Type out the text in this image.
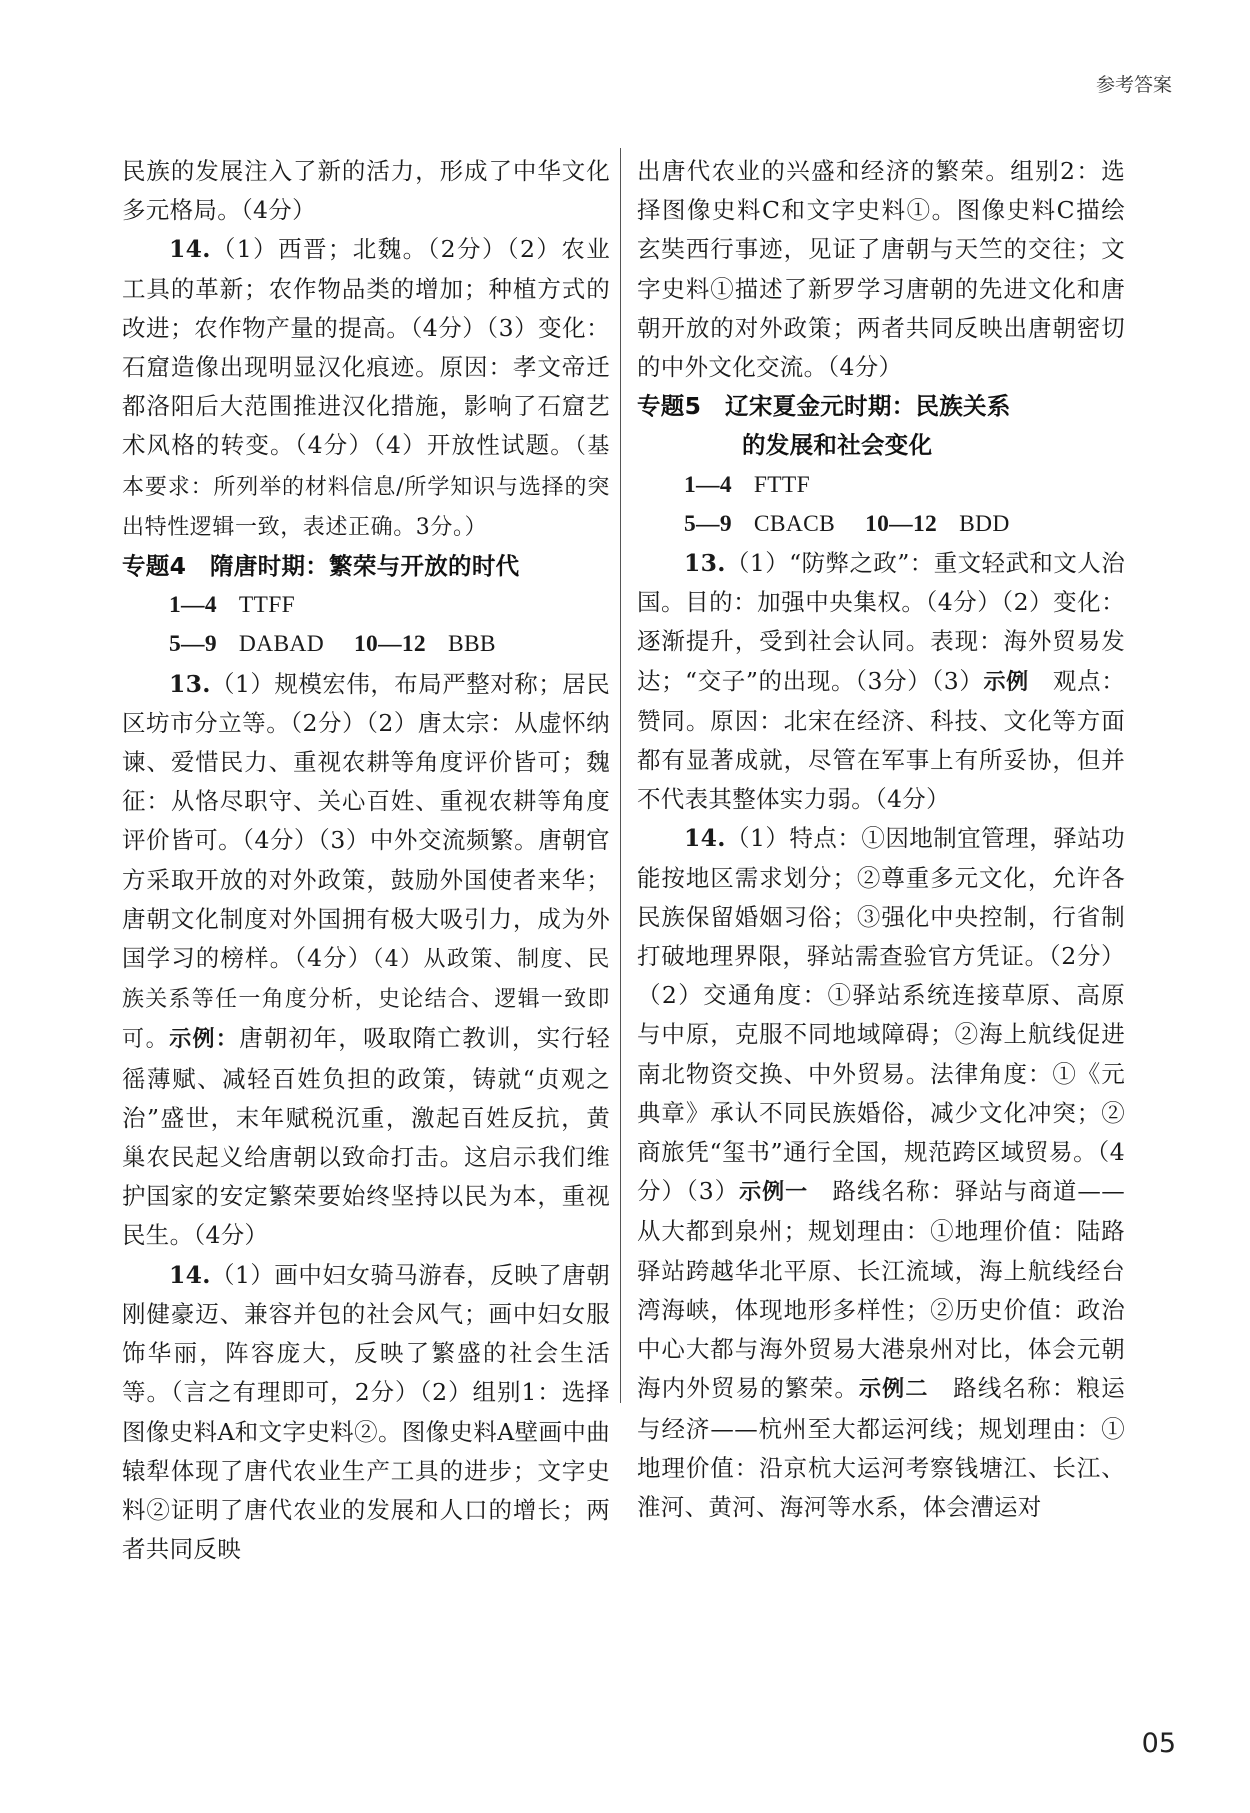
参考答案

民族的发展注入了新的活力，形成了中华文化多元格局。（4分）

14.（1）西晋；北魏。（2分）（2）农业工具的革新；农作物品类的增加；种植方式的改进；农作物产量的提高。（4分）（3）变化：石窟造像出现明显汉化痕迹。原因：孝文帝迁都洛阳后大范围推进汉化措施，影响了石窟艺术风格的转变。（4分）（4）开放性试题。（基本要求：所列举的材料信息/所学知识与选择的突出特性逻辑一致，表述正确。3分。）

专题4　隋唐时期：繁荣与开放的时代

1—4 TTFF

5—9 DABAD 10—12 BBB

13.（1）规模宏伟，布局严整对称；居民区坊市分立等。（2分）（2）唐太宗：从虚怀纳谏、爱惜民力、重视农耕等角度评价皆可；魏征：从恪尽职守、关心百姓、重视农耕等角度评价皆可。（4分）（3）中外交流频繁。唐朝官方采取开放的对外政策，鼓励外国使者来华；唐朝文化制度对外国拥有极大吸引力，成为外国学习的榜样。（4分）（4）从政策、制度、民族关系等任一角度分析，史论结合、逻辑一致即可。示例：唐朝初年，吸取隋亡教训，实行轻徭薄赋、减轻百姓负担的政策，铸就“贞观之治”盛世，末年赋税沉重，激起百姓反抗，黄巢农民起义给唐朝以致命打击。这启示我们维护国家的安定繁荣要始终坚持以民为本，重视民生。（4分）

14.（1）画中妇女骑马游春，反映了唐朝刚健豪迈、兼容并包的社会风气；画中妇女服饰华丽，阵容庞大，反映了繁盛的社会生活等。（言之有理即可，2分）（2）组别1：选择图像史料A和文字史料②。图像史料A壁画中曲辕犁体现了唐代农业生产工具的进步；文字史料②证明了唐代农业的发展和人口的增长；两者共同反映

出唐代农业的兴盛和经济的繁荣。组别2：选择图像史料C和文字史料①。图像史料C描绘玄奘西行事迹，见证了唐朝与天竺的交往；文字史料①描述了新罗学习唐朝的先进文化和唐朝开放的对外政策；两者共同反映出唐朝密切的中外文化交流。（4分）

专题5　辽宋夏金元时期：民族关系

的发展和社会变化

1—4 FTTF

5—9 CBACB 10—12 BDD

13.（1）“防弊之政”：重文轻武和文人治国。目的：加强中央集权。（4分）（2）变化：逐渐提升，受到社会认同。表现：海外贸易发达；“交子”的出现。（3分）（3）示例　观点：赞同。原因：北宋在经济、科技、文化等方面都有显著成就，尽管在军事上有所妥协，但并不代表其整体实力弱。（4分）

14.（1）特点：①因地制宜管理，驿站功能按地区需求划分；②尊重多元文化，允许各民族保留婚姻习俗；③强化中央控制，行省制打破地理界限，驿站需查验官方凭证。（2分）（2）交通角度：①驿站系统连接草原、高原与中原，克服不同地域障碍；②海上航线促进南北物资交换、中外贸易。法律角度：①《元典章》承认不同民族婚俗，减少文化冲突；②商旅凭“玺书”通行全国，规范跨区域贸易。（4分）（3）示例一　路线名称：驿站与商道——从大都到泉州；规划理由：①地理价值：陆路驿站跨越华北平原、长江流域，海上航线经台湾海峡，体现地形多样性；②历史价值：政治中心大都与海外贸易大港泉州对比，体会元朝海内外贸易的繁荣。示例二　路线名称：粮运与经济——杭州至大都运河线；规划理由：①地理价值：沿京杭大运河考察钱塘江、长江、淮河、黄河、海河等水系，体会漕运对

05
